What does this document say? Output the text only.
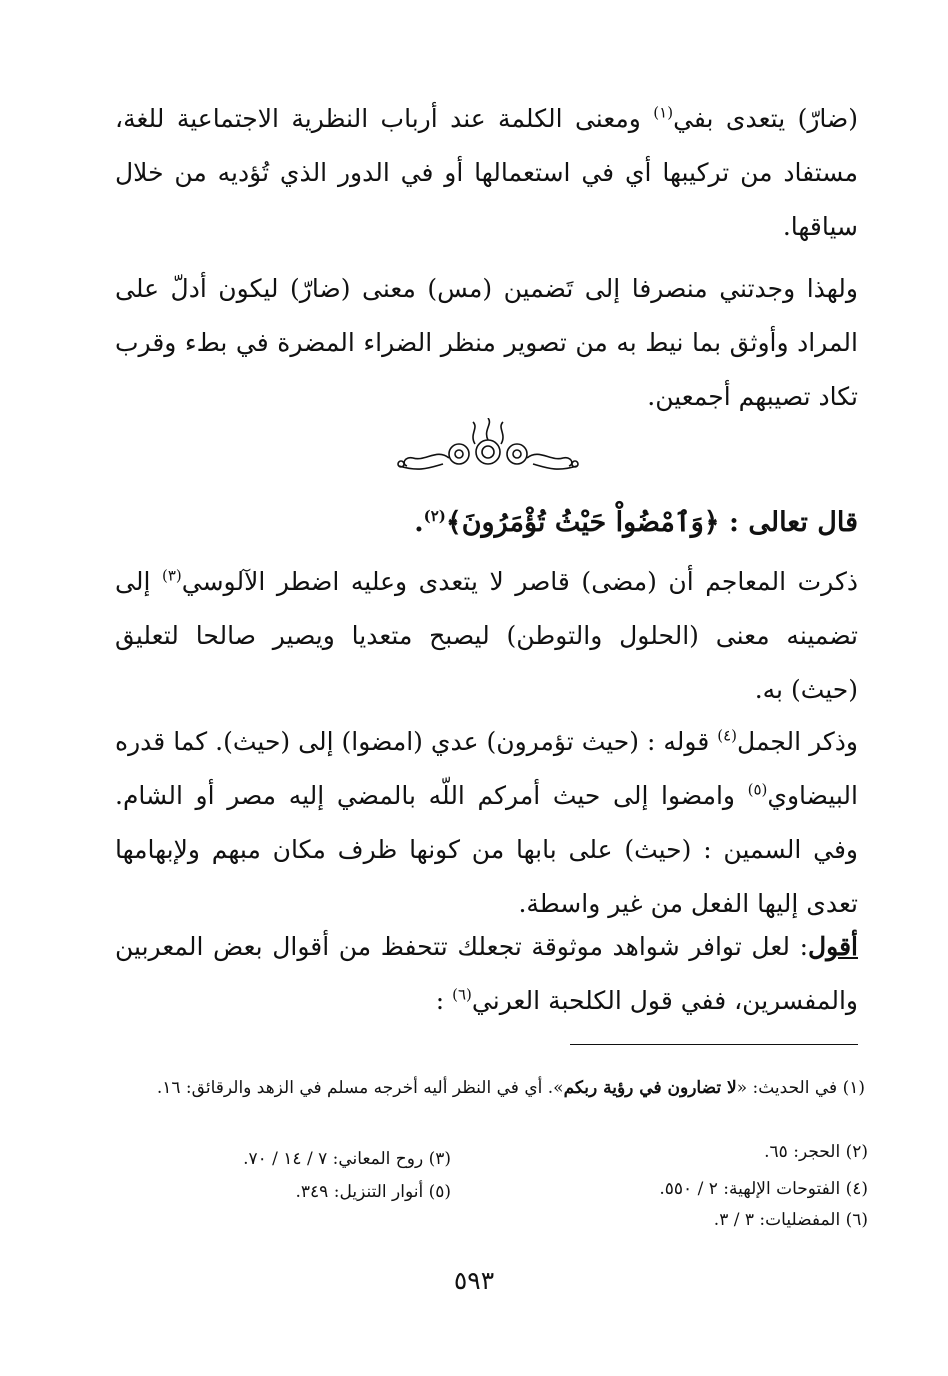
(ضارّ) يتعدى بفي$^{(١)}$ ومعنى الكلمة عند أرباب النظرية الاجتماعية للغة، مستفاد من تركيبها أي في استعمالها أو في الدور الذي تُؤديه من خلال سياقها.
ولهذا وجدتني منصرفا إلى تَضمين (مس) معنى (ضارّ) ليكون أدلّ على المراد وأوثق بما نيط به من تصوير منظر الضراء المضرة في بطء وقرب تكاد تصيبهم أجمعين.
قال تعالى : ﴿وَٱمْضُواْ حَيْثُ تُؤْمَرُونَ﴾$^{(٢)}$.
ذكرت المعاجم أن (مضى) قاصر لا يتعدى وعليه اضطر الآلوسي$^{(٣)}$ إلى تضمينه معنى (الحلول والتوطن) ليصبح متعديا ويصير صالحا لتعليق (حيث) به.
وذكر الجمل$^{(٤)}$ قوله : (حيث تؤمرون) عدي (امضوا) إلى (حيث). كما قدره البيضاوي$^{(٥)}$ وامضوا إلى حيث أمركم اللّه بالمضي إليه مصر أو الشام. وفي السمين : (حيث) على بابها من كونها ظرف مكان مبهم ولإبهامها تعدى إليها الفعل من غير واسطة.
أقول: لعل توافر شواهد موثوقة تجعلك تتحفظ من أقوال بعض المعربين والمفسرين، ففي قول الكلحبة العرني$^{(٦)}$ :
(١) في الحديث: «لا تضارون في رؤية ربكم». أي في النظر أليه أخرجه مسلم في الزهد والرقائق: ١٦.
(٢) الحجر: ٦٥.
(٣) روح المعاني: ٧ / ١٤ / ٧٠.
(٤) الفتوحات الإلهية: ٢ / ٥٥٠.
(٥) أنوار التنزيل: ٣٤٩.
(٦) المفضليات: ٣ / ٣.
٥٩٣
